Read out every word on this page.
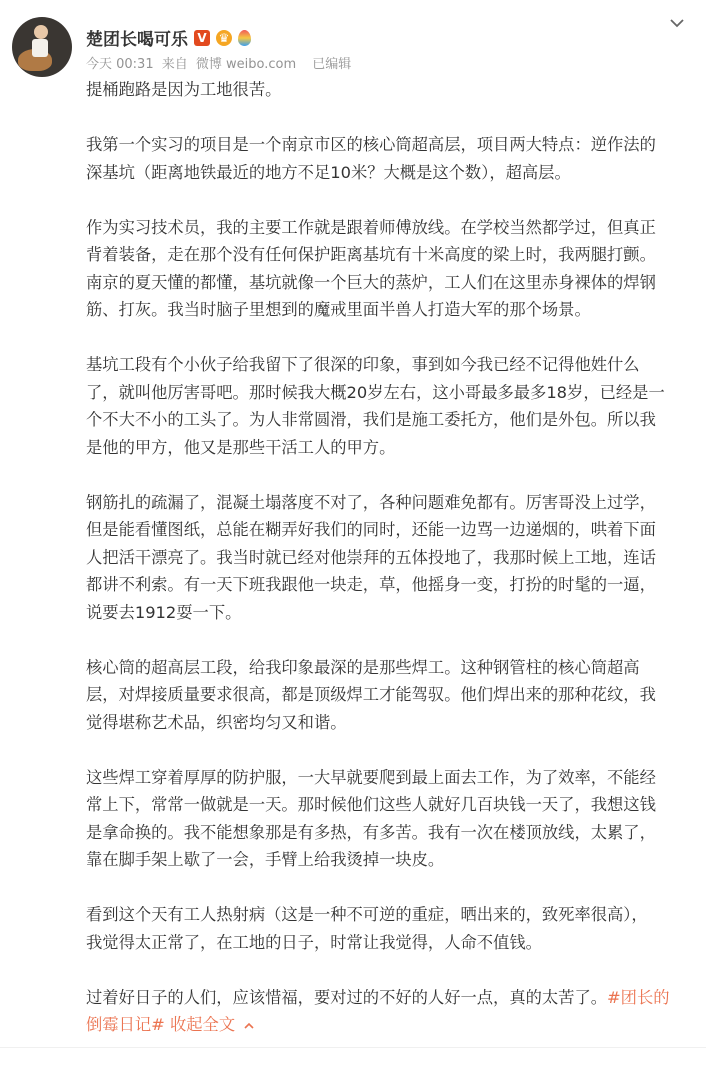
楚团长喝可乐 V ♛
今天 00:31 来自 微博 weibo.com 已编辑
提桶跑路是因为工地很苦。
我第一个实习的项目是一个南京市区的核心筒超高层，项目两大特点：逆作法的
深基坑（距离地铁最近的地方不足10米？大概是这个数），超高层。
作为实习技术员，我的主要工作就是跟着师傅放线。在学校当然都学过，但真正
背着装备，走在那个没有任何保护距离基坑有十米高度的梁上时，我两腿打颤。
南京的夏天懂的都懂，基坑就像一个巨大的蒸炉，工人们在这里赤身裸体的焊钢
筋、打灰。我当时脑子里想到的魔戒里面半兽人打造大军的那个场景。
基坑工段有个小伙子给我留下了很深的印象，事到如今我已经不记得他姓什么
了，就叫他厉害哥吧。那时候我大概20岁左右，这小哥最多最多18岁，已经是一
个不大不小的工头了。为人非常圆滑，我们是施工委托方，他们是外包。所以我
是他的甲方，他又是那些干活工人的甲方。
钢筋扎的疏漏了，混凝土塌落度不对了，各种问题难免都有。厉害哥没上过学，
但是能看懂图纸，总能在糊弄好我们的同时，还能一边骂一边递烟的，哄着下面
人把活干漂亮了。我当时就已经对他崇拜的五体投地了，我那时候上工地，连话
都讲不利索。有一天下班我跟他一块走，草，他摇身一变，打扮的时髦的一逼，
说要去1912耍一下。
核心筒的超高层工段，给我印象最深的是那些焊工。这种钢管柱的核心筒超高
层，对焊接质量要求很高，都是顶级焊工才能驾驭。他们焊出来的那种花纹，我
觉得堪称艺术品，织密均匀又和谐。
这些焊工穿着厚厚的防护服，一大早就要爬到最上面去工作，为了效率，不能经
常上下，常常一做就是一天。那时候他们这些人就好几百块钱一天了，我想这钱
是拿命换的。我不能想象那是有多热，有多苦。我有一次在楼顶放线，太累了，
靠在脚手架上歇了一会，手臂上给我烫掉一块皮。
看到这个天有工人热射病（这是一种不可逆的重症，晒出来的，致死率很高），
我觉得太正常了，在工地的日子，时常让我觉得，人命不值钱。
过着好日子的人们，应该惜福，要对过的不好的人好一点，真的太苦了。#团长的
倒霉日记# 收起全文
